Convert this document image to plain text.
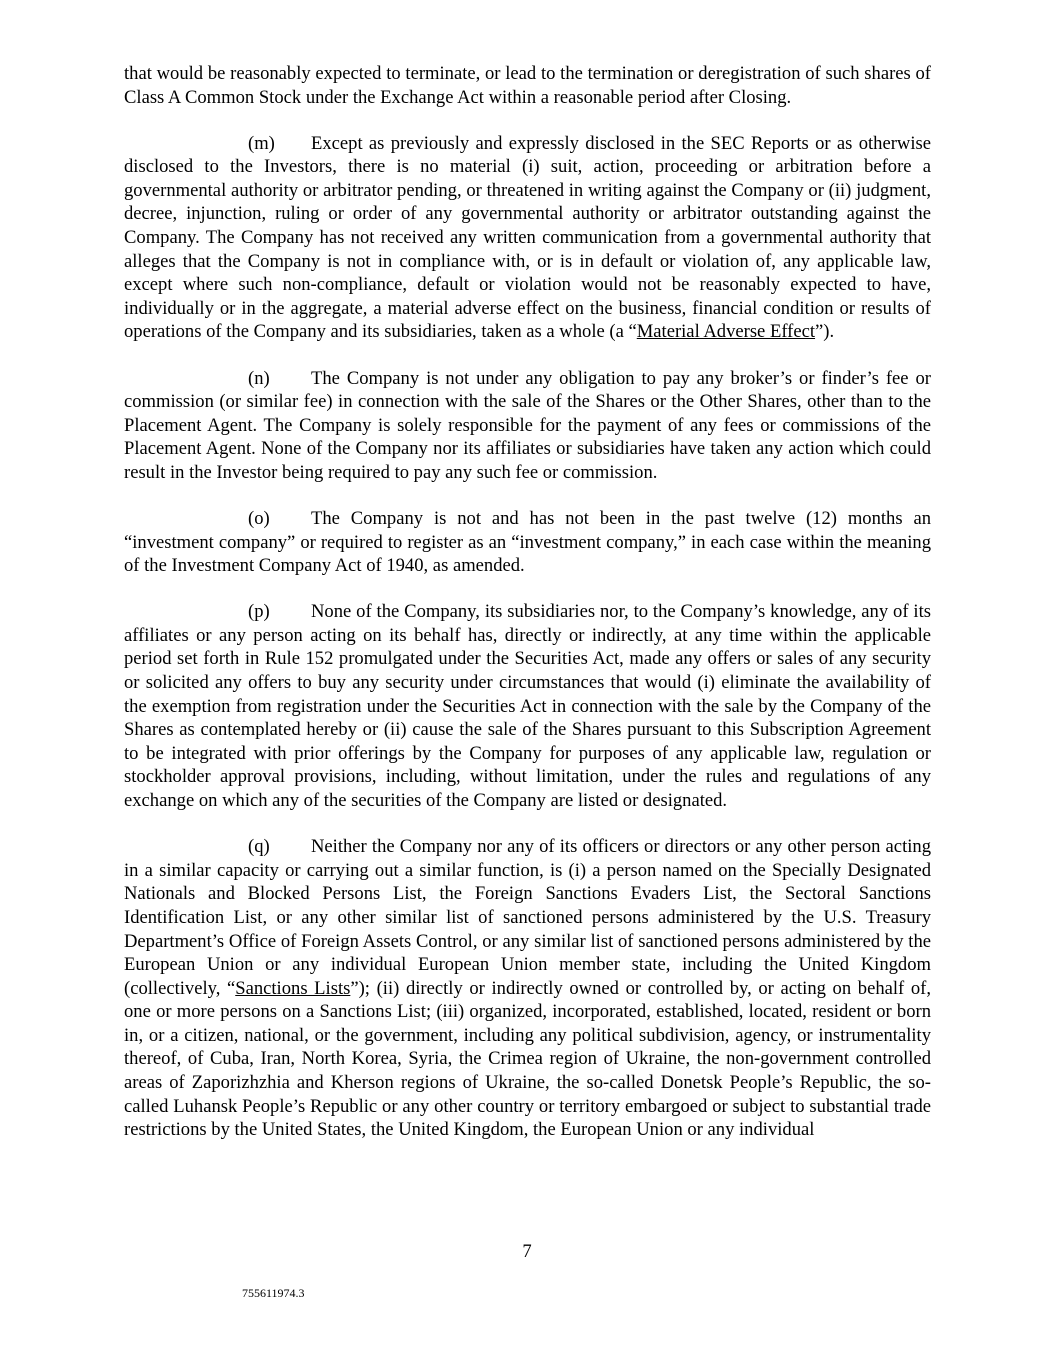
that would be reasonably expected to terminate, or lead to the termination or deregistration of such shares of Class A Common Stock under the Exchange Act within a reasonable period after Closing.

(m) Except as previously and expressly disclosed in the SEC Reports or as otherwise disclosed to the Investors, there is no material (i) suit, action, proceeding or arbitration before a governmental authority or arbitrator pending, or threatened in writing against the Company or (ii) judgment, decree, injunction, ruling or order of any governmental authority or arbitrator outstanding against the Company. The Company has not received any written communication from a governmental authority that alleges that the Company is not in compliance with, or is in default or violation of, any applicable law, except where such non-compliance, default or violation would not be reasonably expected to have, individually or in the aggregate, a material adverse effect on the business, financial condition or results of operations of the Company and its subsidiaries, taken as a whole (a “Material Adverse Effect”).

(n) The Company is not under any obligation to pay any broker’s or finder’s fee or commission (or similar fee) in connection with the sale of the Shares or the Other Shares, other than to the Placement Agent. The Company is solely responsible for the payment of any fees or commissions of the Placement Agent. None of the Company nor its affiliates or subsidiaries have taken any action which could result in the Investor being required to pay any such fee or commission.

(o) The Company is not and has not been in the past twelve (12) months an “investment company” or required to register as an “investment company,” in each case within the meaning of the Investment Company Act of 1940, as amended.

(p) None of the Company, its subsidiaries nor, to the Company’s knowledge, any of its affiliates or any person acting on its behalf has, directly or indirectly, at any time within the applicable period set forth in Rule 152 promulgated under the Securities Act, made any offers or sales of any security or solicited any offers to buy any security under circumstances that would (i) eliminate the availability of the exemption from registration under the Securities Act in connection with the sale by the Company of the Shares as contemplated hereby or (ii) cause the sale of the Shares pursuant to this Subscription Agreement to be integrated with prior offerings by the Company for purposes of any applicable law, regulation or stockholder approval provisions, including, without limitation, under the rules and regulations of any exchange on which any of the securities of the Company are listed or designated.

(q) Neither the Company nor any of its officers or directors or any other person acting in a similar capacity or carrying out a similar function, is (i) a person named on the Specially Designated Nationals and Blocked Persons List, the Foreign Sanctions Evaders List, the Sectoral Sanctions Identification List, or any other similar list of sanctioned persons administered by the U.S. Treasury Department’s Office of Foreign Assets Control, or any similar list of sanctioned persons administered by the European Union or any individual European Union member state, including the United Kingdom (collectively, “Sanctions Lists”); (ii) directly or indirectly owned or controlled by, or acting on behalf of, one or more persons on a Sanctions List; (iii) organized, incorporated, established, located, resident or born in, or a citizen, national, or the government, including any political subdivision, agency, or instrumentality thereof, of Cuba, Iran, North Korea, Syria, the Crimea region of Ukraine, the non-government controlled areas of Zaporizhzhia and Kherson regions of Ukraine, the so-called Donetsk People’s Republic, the so-called Luhansk People’s Republic or any other country or territory embargoed or subject to substantial trade restrictions by the United States, the United Kingdom, the European Union or any individual

7
755611974.3
